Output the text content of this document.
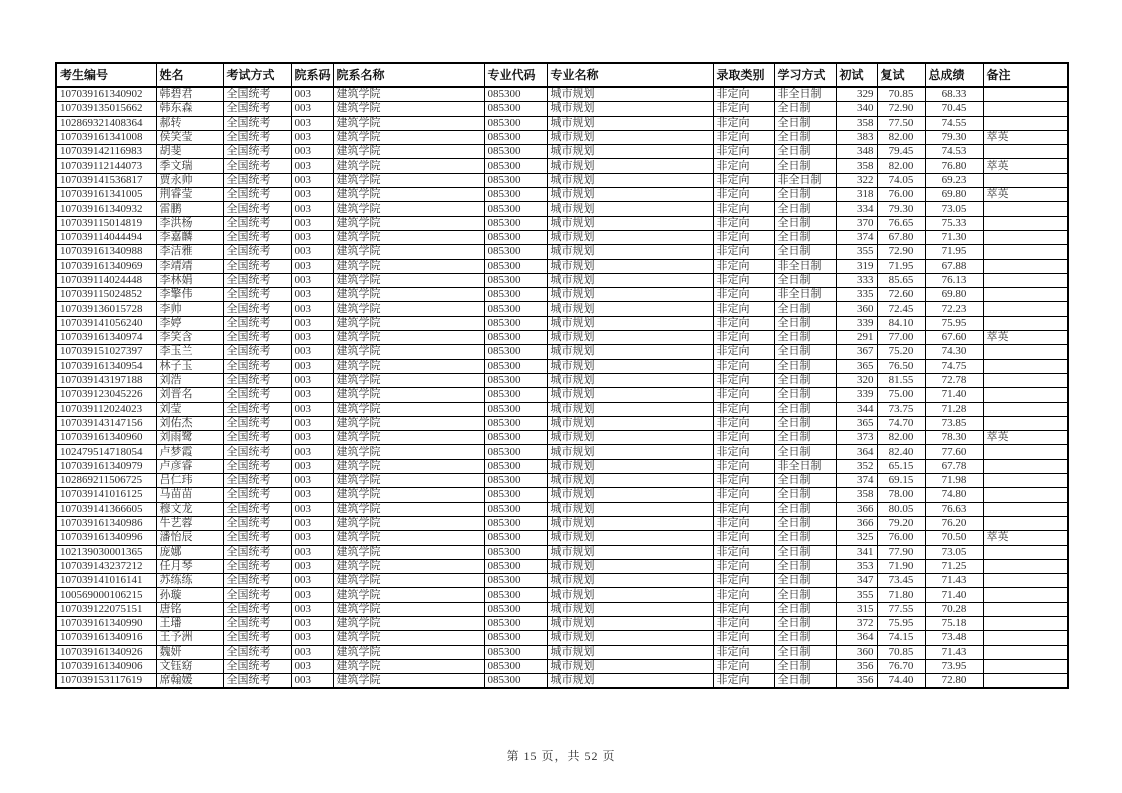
考生编号	姓名	考试方式	院系码	院系名称	专业代码	专业名称	录取类别	学习方式	初试	复试	总成绩	备注
107039161340902	韩碧君	全国统考	003	建筑学院	085300	城市规划	非定向	非全日制	329	70.85	68.33	
107039135015662	韩东森	全国统考	003	建筑学院	085300	城市规划	非定向	全日制	340	72.90	70.45	
102869321408364	郝转	全国统考	003	建筑学院	085300	城市规划	非定向	全日制	358	77.50	74.55	
107039161341008	侯笑莹	全国统考	003	建筑学院	085300	城市规划	非定向	全日制	383	82.00	79.30	萃英
107039142116983	胡斐	全国统考	003	建筑学院	085300	城市规划	非定向	全日制	348	79.45	74.53	
107039112144073	季文瑞	全国统考	003	建筑学院	085300	城市规划	非定向	全日制	358	82.00	76.80	萃英
107039141536817	贾永帅	全国统考	003	建筑学院	085300	城市规划	非定向	非全日制	322	74.05	69.23	
107039161341005	荆睿莹	全国统考	003	建筑学院	085300	城市规划	非定向	全日制	318	76.00	69.80	萃英
107039161340932	雷鹏	全国统考	003	建筑学院	085300	城市规划	非定向	全日制	334	79.30	73.05	
107039115014819	李洪杨	全国统考	003	建筑学院	085300	城市规划	非定向	全日制	370	76.65	75.33	
107039114044494	李嘉麟	全国统考	003	建筑学院	085300	城市规划	非定向	全日制	374	67.80	71.30	
107039161340988	李洁雅	全国统考	003	建筑学院	085300	城市规划	非定向	全日制	355	72.90	71.95	
107039161340969	李靖靖	全国统考	003	建筑学院	085300	城市规划	非定向	非全日制	319	71.95	67.88	
107039114024448	李林娟	全国统考	003	建筑学院	085300	城市规划	非定向	全日制	333	85.65	76.13	
107039115024852	李擎伟	全国统考	003	建筑学院	085300	城市规划	非定向	非全日制	335	72.60	69.80	
107039136015728	李帅	全国统考	003	建筑学院	085300	城市规划	非定向	全日制	360	72.45	72.23	
107039141056240	李婷	全国统考	003	建筑学院	085300	城市规划	非定向	全日制	339	84.10	75.95	
107039161340974	李笑含	全国统考	003	建筑学院	085300	城市规划	非定向	全日制	291	77.00	67.60	萃英
107039151027397	李玉兰	全国统考	003	建筑学院	085300	城市规划	非定向	全日制	367	75.20	74.30	
107039161340954	林子玉	全国统考	003	建筑学院	085300	城市规划	非定向	全日制	365	76.50	74.75	
107039143197188	刘浩	全国统考	003	建筑学院	085300	城市规划	非定向	全日制	320	81.55	72.78	
107039123045226	刘晋名	全国统考	003	建筑学院	085300	城市规划	非定向	全日制	339	75.00	71.40	
107039112024023	刘莹	全国统考	003	建筑学院	085300	城市规划	非定向	全日制	344	73.75	71.28	
107039143147156	刘佑杰	全国统考	003	建筑学院	085300	城市规划	非定向	全日制	365	74.70	73.85	
107039161340960	刘雨鹭	全国统考	003	建筑学院	085300	城市规划	非定向	全日制	373	82.00	78.30	萃英
102479514718054	卢梦霞	全国统考	003	建筑学院	085300	城市规划	非定向	全日制	364	82.40	77.60	
107039161340979	卢彦睿	全国统考	003	建筑学院	085300	城市规划	非定向	非全日制	352	65.15	67.78	
102869211506725	吕仁玮	全国统考	003	建筑学院	085300	城市规划	非定向	全日制	374	69.15	71.98	
107039141016125	马苗苗	全国统考	003	建筑学院	085300	城市规划	非定向	全日制	358	78.00	74.80	
107039141366605	穆文龙	全国统考	003	建筑学院	085300	城市规划	非定向	全日制	366	80.05	76.63	
107039161340986	牛艺蓉	全国统考	003	建筑学院	085300	城市规划	非定向	全日制	366	79.20	76.20	
107039161340996	潘怡辰	全国统考	003	建筑学院	085300	城市规划	非定向	全日制	325	76.00	70.50	萃英
102139030001365	庞娜	全国统考	003	建筑学院	085300	城市规划	非定向	全日制	341	77.90	73.05	
107039143237212	任月琴	全国统考	003	建筑学院	085300	城市规划	非定向	全日制	353	71.90	71.25	
107039141016141	苏练练	全国统考	003	建筑学院	085300	城市规划	非定向	全日制	347	73.45	71.43	
100569000106215	孙璇	全国统考	003	建筑学院	085300	城市规划	非定向	全日制	355	71.80	71.40	
107039122075151	唐铭	全国统考	003	建筑学院	085300	城市规划	非定向	全日制	315	77.55	70.28	
107039161340990	王璠	全国统考	003	建筑学院	085300	城市规划	非定向	全日制	372	75.95	75.18	
107039161340916	王予洲	全国统考	003	建筑学院	085300	城市规划	非定向	全日制	364	74.15	73.48	
107039161340926	魏妍	全国统考	003	建筑学院	085300	城市规划	非定向	全日制	360	70.85	71.43	
107039161340906	文钰窈	全国统考	003	建筑学院	085300	城市规划	非定向	全日制	356	76.70	73.95	
107039153117619	席翰媛	全国统考	003	建筑学院	085300	城市规划	非定向	全日制	356	74.40	72.80	
第 15 页，共 52 页
